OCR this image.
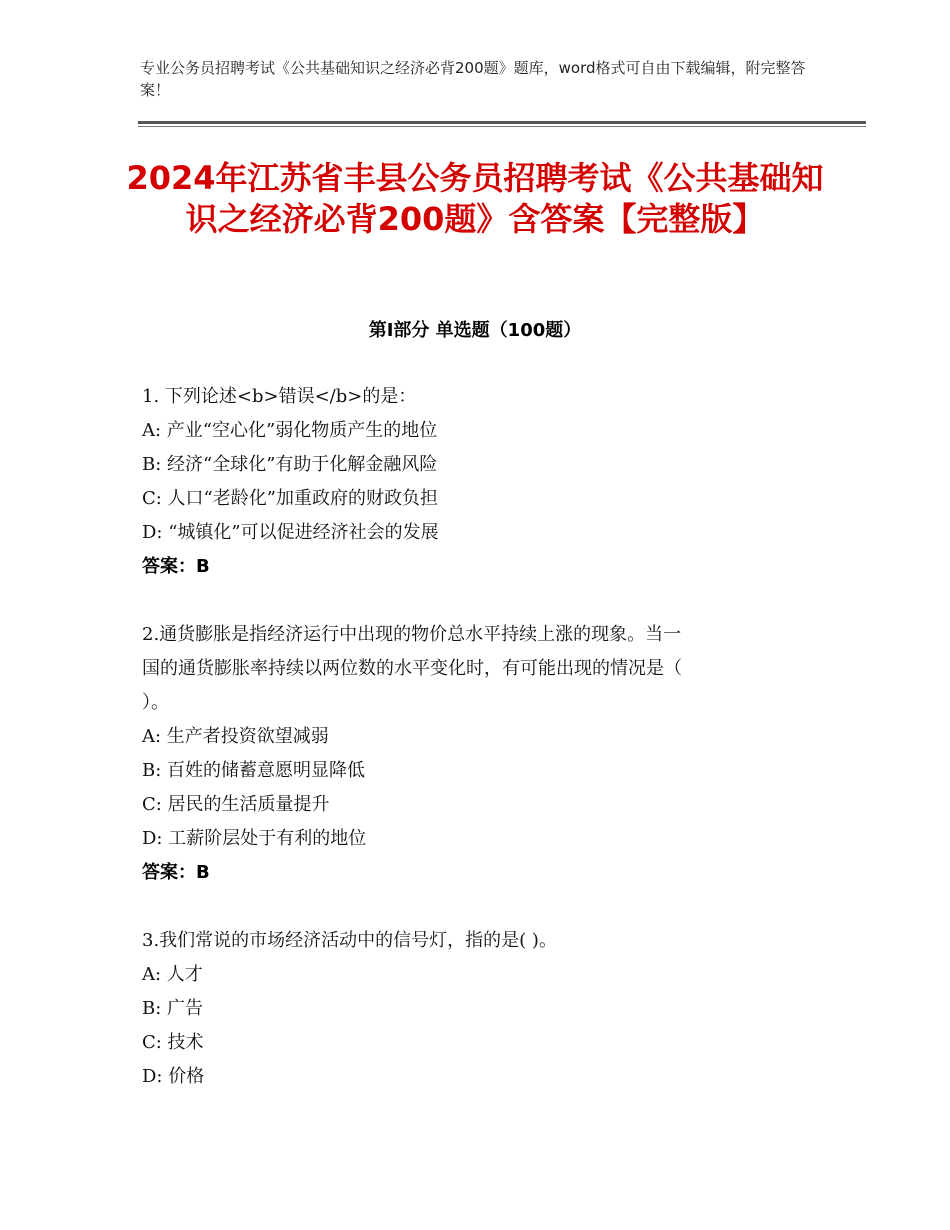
专业公务员招聘考试《公共基础知识之经济必背200题》题库，word格式可自由下载编辑，附完整答案！
2024年江苏省丰县公务员招聘考试《公共基础知识之经济必背200题》含答案【完整版】
第Ⅰ部分 单选题（100题）
1. 下列论述<b>错误</b>的是：
A: 产业“空心化”弱化物质产生的地位
B: 经济“全球化”有助于化解金融风险
C: 人口“老龄化”加重政府的财政负担
D: “城镇化”可以促进经济社会的发展
答案：B
2.通货膨胀是指经济运行中出现的物价总水平持续上涨的现象。当一
国的通货膨胀率持续以两位数的水平变化时，有可能出现的情况是（
）。
A: 生产者投资欲望减弱
B: 百姓的储蓄意愿明显降低
C: 居民的生活质量提升
D: 工薪阶层处于有利的地位
答案：B
3.我们常说的市场经济活动中的信号灯，指的是( )。
A: 人才
B: 广告
C: 技术
D: 价格
